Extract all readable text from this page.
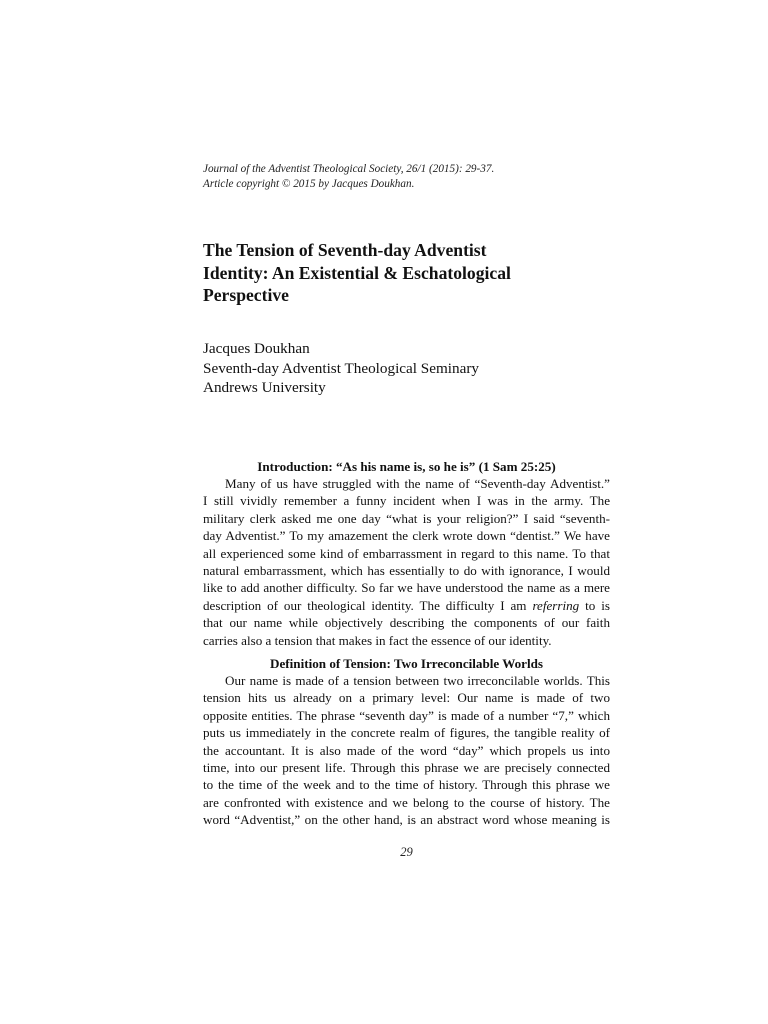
Journal of the Adventist Theological Society, 26/1 (2015): 29-37.
Article copyright © 2015 by Jacques Doukhan.
The Tension of Seventh-day Adventist
Identity: An Existential & Eschatological
Perspective
Jacques Doukhan
Seventh-day Adventist Theological Seminary
Andrews University
Introduction: “As his name is, so he is” (1 Sam 25:25)
Many of us have struggled with the name of “Seventh-day Adventist.”
I still vividly remember a funny incident when I was in the army. The
military clerk asked me one day “what is your religion?” I said “seventh-
day Adventist.” To my amazement the clerk wrote down “dentist.” We have
all experienced some kind of embarrassment in regard to this name. To that
natural embarrassment, which has essentially to do with ignorance, I would
like to add another difficulty. So far we have understood the name as a mere
description of our theological identity. The difficulty I am referring to is
that our name while objectively describing the components of our faith
carries also a tension that makes in fact the essence of our identity.
Definition of Tension: Two Irreconcilable Worlds
Our name is made of a tension between two irreconcilable worlds. This
tension hits us already on a primary level: Our name is made of two
opposite entities. The phrase “seventh day” is made of a number “7,” which
puts us immediately in the concrete realm of figures, the tangible reality of
the accountant. It is also made of the word “day” which propels us into
time, into our present life. Through this phrase we are precisely connected
to the time of the week and to the time of history. Through this phrase we
are confronted with existence and we belong to the course of history. The
word “Adventist,” on the other hand, is an abstract word whose meaning is
29
